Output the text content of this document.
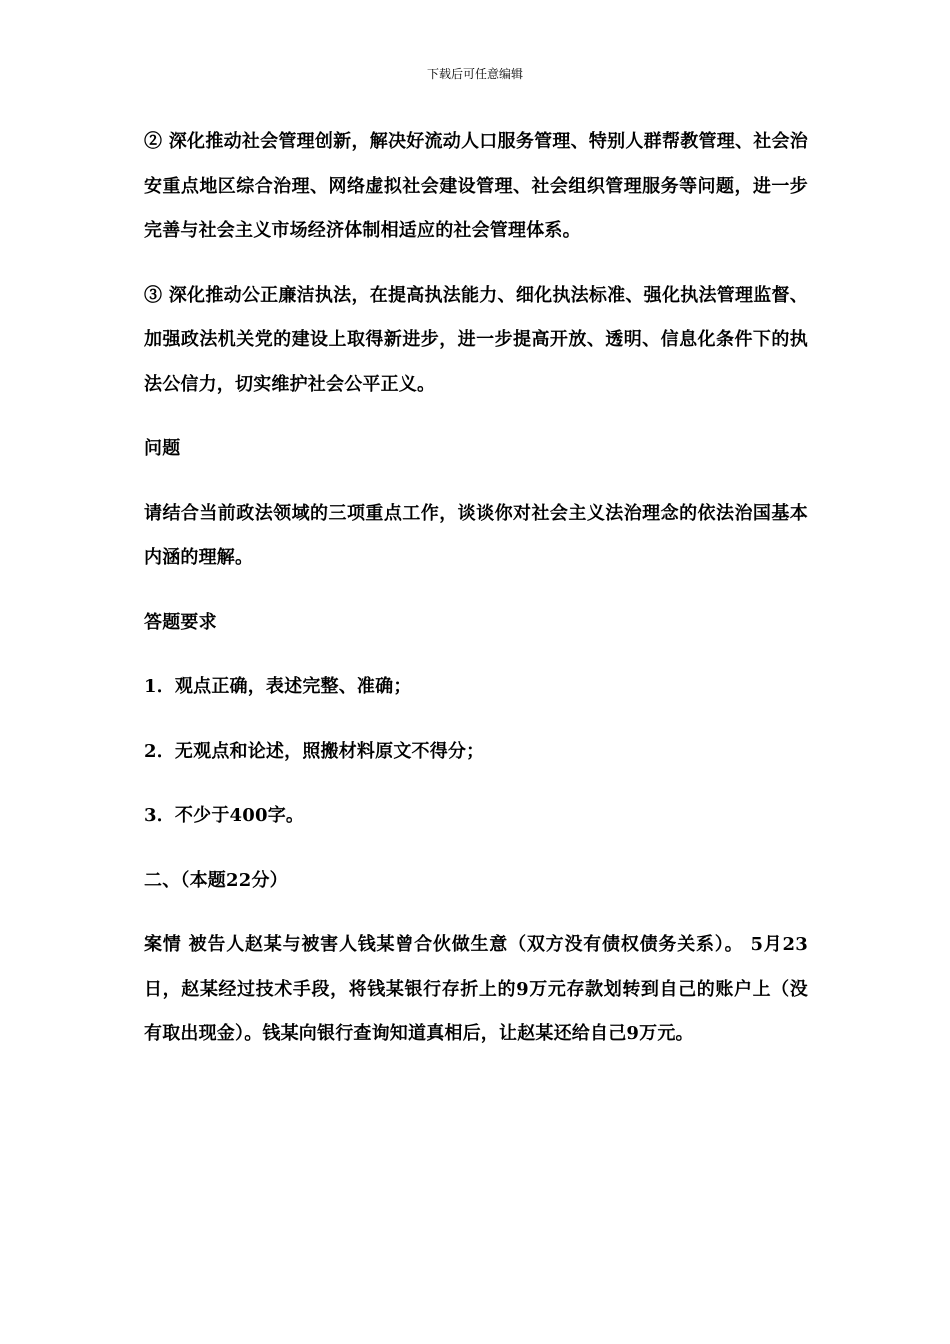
下载后可任意编辑

② 深化推动社会管理创新，解决好流动人口服务管理、特别人群帮教管理、社会治安重点地区综合治理、网络虚拟社会建设管理、社会组织管理服务等问题，进一步完善与社会主义市场经济体制相适应的社会管理体系。

③ 深化推动公正廉洁执法，在提高执法能力、细化执法标准、强化执法管理监督、加强政法机关党的建设上取得新进步，进一步提高开放、透明、信息化条件下的执法公信力，切实维护社会公平正义。

问题

请结合当前政法领域的三项重点工作，谈谈你对社会主义法治理念的依法治国基本内涵的理解。

答题要求

1．观点正确，表述完整、准确；

2．无观点和论述，照搬材料原文不得分；

3．不少于400字。

二、（本题22分）

案情 被告人赵某与被害人钱某曾合伙做生意（双方没有债权债务关系）。 5月23日，赵某经过技术手段，将钱某银行存折上的9万元存款划转到自己的账户上（没有取出现金）。钱某向银行查询知道真相后，让赵某还给自己9万元。
